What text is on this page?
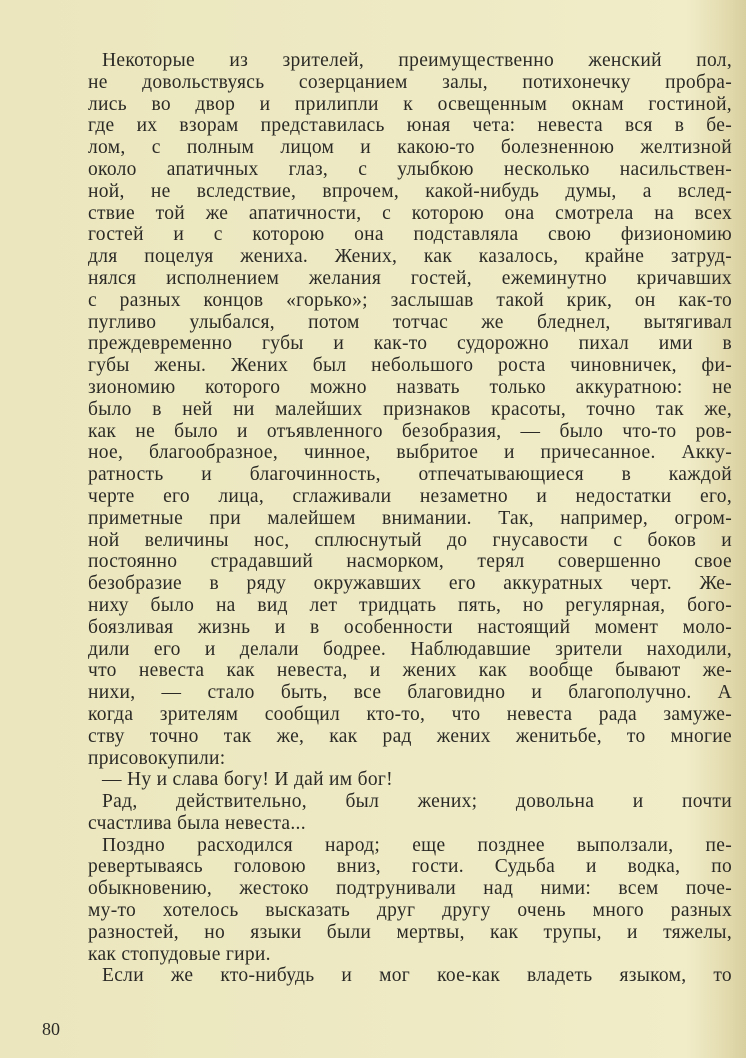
Некоторые из зрителей, преимущественно женский пол,
не довольствуясь созерцанием залы, потихонечку пробра-
лись во двор и прилипли к освещенным окнам гостиной,
где их взорам представилась юная чета: невеста вся в бе-
лом, с полным лицом и какою-то болезненною желтизной
около апатичных глаз, с улыбкою несколько насильствен-
ной, не вследствие, впрочем, какой-нибудь думы, а вслед-
ствие той же апатичности, с которою она смотрела на всех
гостей и с которою она подставляла свою физиономию
для поцелуя жениха. Жених, как казалось, крайне затруд-
нялся исполнением желания гостей, ежеминутно кричавших
с разных концов «горько»; заслышав такой крик, он как-то
пугливо улыбался, потом тотчас же бледнел, вытягивал
преждевременно губы и как-то судорожно пихал ими в
губы жены. Жених был небольшого роста чиновничек, фи-
зиономию которого можно назвать только аккуратною: не
было в ней ни малейших признаков красоты, точно так же,
как не было и отъявленного безобразия, — было что-то ров-
ное, благообразное, чинное, выбритое и причесанное. Акку-
ратность и благочинность, отпечатывающиеся в каждой
черте его лица, сглаживали незаметно и недостатки его,
приметные при малейшем внимании. Так, например, огром-
ной величины нос, сплюснутый до гнусавости с боков и
постоянно страдавший насморком, терял совершенно свое
безобразие в ряду окружавших его аккуратных черт. Же-
ниху было на вид лет тридцать пять, но регулярная, бого-
боязливая жизнь и в особенности настоящий момент моло-
дили его и делали бодрее. Наблюдавшие зрители находили,
что невеста как невеста, и жених как вообще бывают же-
нихи, — стало быть, все благовидно и благополучно. А
когда зрителям сообщил кто-то, что невеста рада замуже-
ству точно так же, как рад жених женитьбе, то многие
присовокупили:
— Ну и слава богу! И дай им бог!
Рад, действительно, был жених; довольна и почти
счастлива была невеста...
Поздно расходился народ; еще позднее выползали, пе-
ревертываясь головою вниз, гости. Судьба и водка, по
обыкновению, жестоко подтрунивали над ними: всем поче-
му-то хотелось высказать друг другу очень много разных
разностей, но языки были мертвы, как трупы, и тяжелы,
как стопудовые гири.
Если же кто-нибудь и мог кое-как владеть языком, то
80
